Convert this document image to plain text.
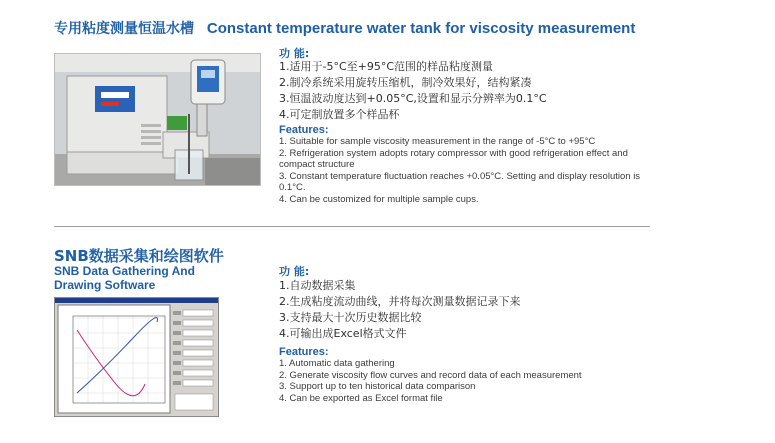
专用粘度测量恒温水槽 Constant temperature water tank for viscosity measurement
功 能:
1.适用于-5°C至+95°C范围的样品粘度测量
2.制冷系统采用旋转压缩机，制冷效果好，结构紧凑
3.恒温波动度达到+0.05°C,设置和显示分辨率为0.1°C
4.可定制放置多个样品杯
Features:
1. Suitable for sample viscosity measurement in the range of -5°C to +95°C
2. Refrigeration system adopts rotary compressor with good refrigeration effect and compact structure
3. Constant temperature fluctuation reaches +0.05°C. Setting and display resolution is 0.1°C.
4. Can be customized for multiple sample cups.
SNB数据采集和绘图软件
SNB Data Gathering And
Drawing Software
功 能:
1.自动数据采集
2.生成粘度流动曲线，并将每次测量数据记录下来
3.支持最大十次历史数据比较
4.可输出成Excel格式文件
Features:
1. Automatic data gathering
2. Generate viscosity flow curves and record data of each measurement
3. Support up to ten historical data comparison
4. Can be exported as Excel format file
